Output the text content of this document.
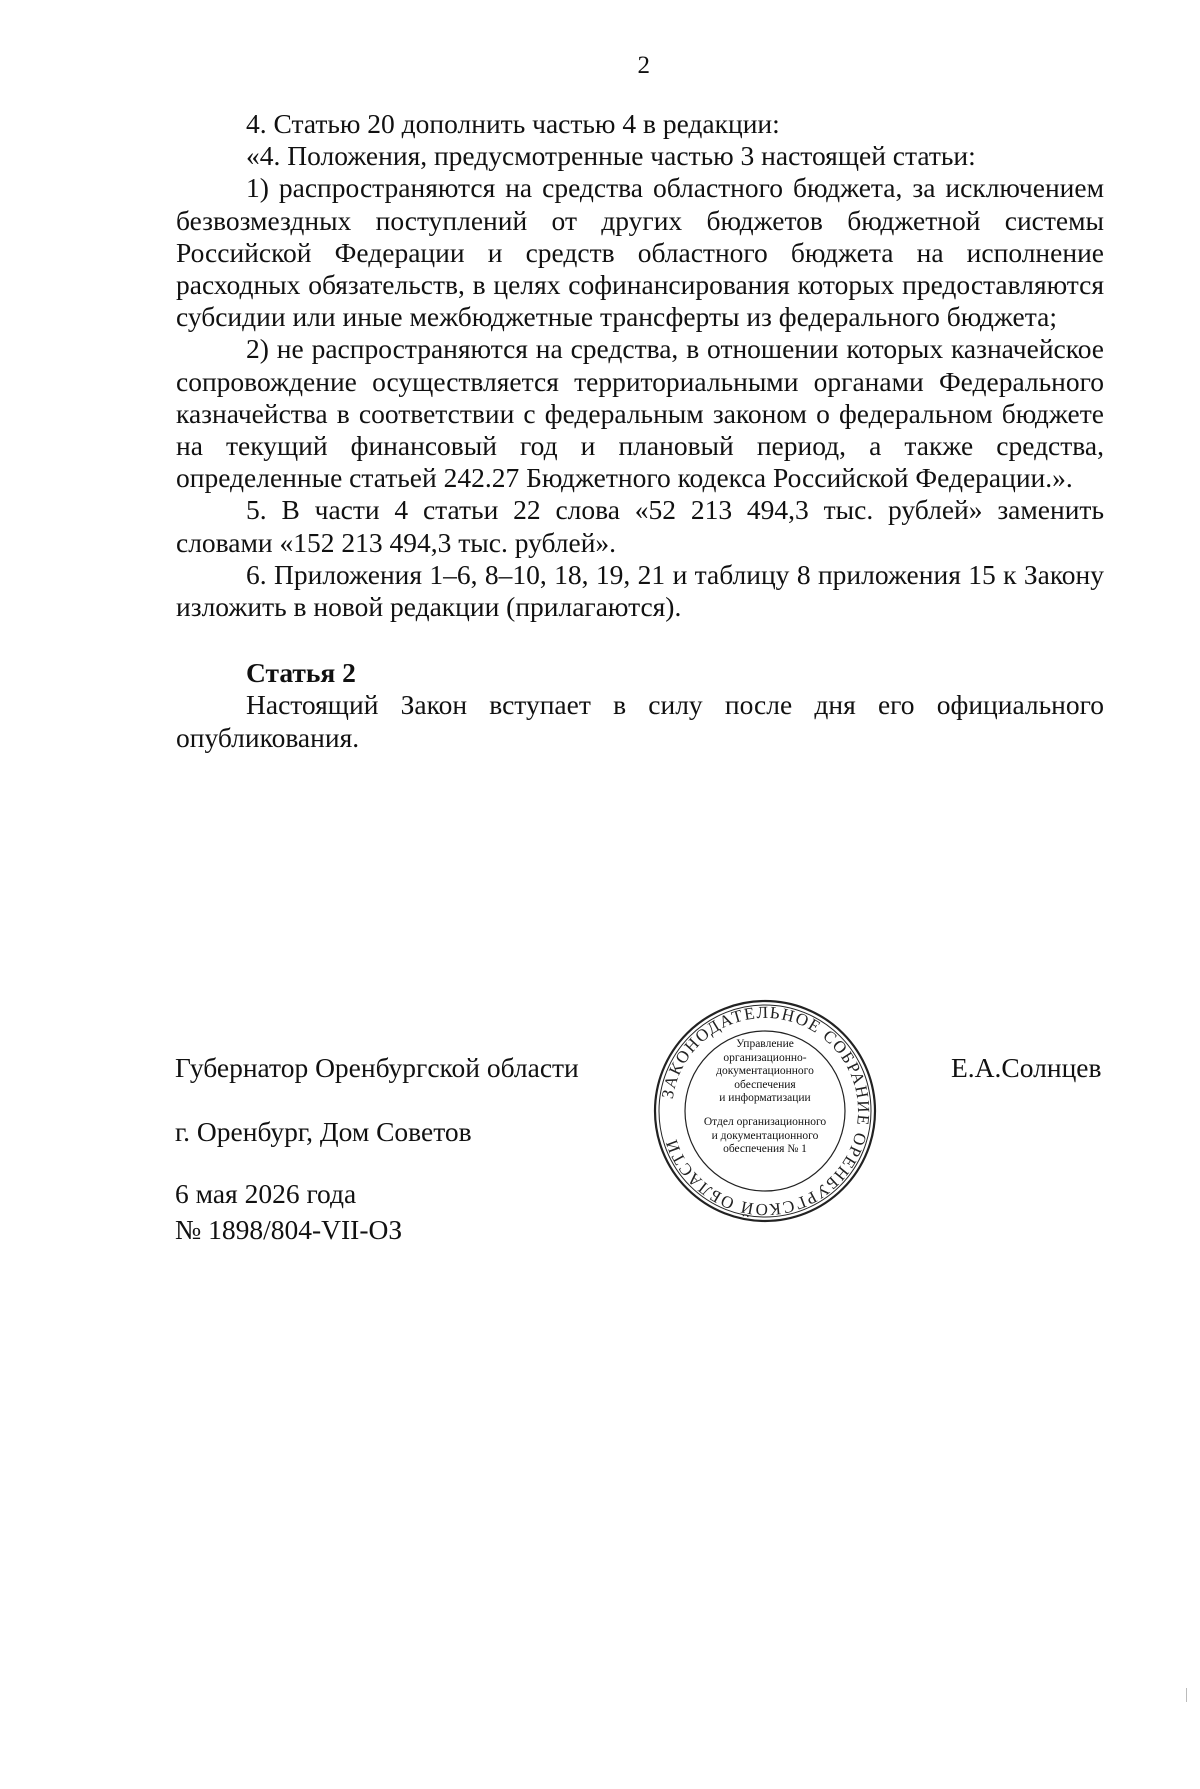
2

4. Статью 20 дополнить частью 4 в редакции:

«4. Положения, предусмотренные частью 3 настоящей статьи:

1) распространяются на средства областного бюджета, за исключением безвозмездных поступлений от других бюджетов бюджетной системы Российской Федерации и средств областного бюджета на исполнение расходных обязательств, в целях софинансирования которых предоставляются субсидии или иные межбюджетные трансферты из федерального бюджета;

2) не распространяются на средства, в отношении которых казначейское сопровождение осуществляется территориальными органами Федерального казначейства в соответствии с федеральным законом о федеральном бюджете на текущий финансовый год и плановый период, а также средства, определенные статьей 242.27 Бюджетного кодекса Российской Федерации.».

5. В части 4 статьи 22 слова «52 213 494,3 тыс. рублей» заменить словами «152 213 494,3 тыс. рублей».

6. Приложения 1–6, 8–10, 18, 19, 21 и таблицу 8 приложения 15 к Закону изложить в новой редакции (прилагаются).

Статья 2

Настоящий Закон вступает в силу после дня его официального опубликования.

Губернатор Оренбургской области	Е.А.Солнцев
г. Оренбург, Дом Советов
6 мая 2026 года
№ 1898/804-VII-ОЗ
ЗАКОНОДАТЕЛЬНОЕ СОБРАНИЕ ОРЕНБУРГСКОЙ ОБЛАСТИ
Управление
организационно-
документационного
обеспечения
и информатизации
Отдел организационного
и документационного
обеспечения № 1
